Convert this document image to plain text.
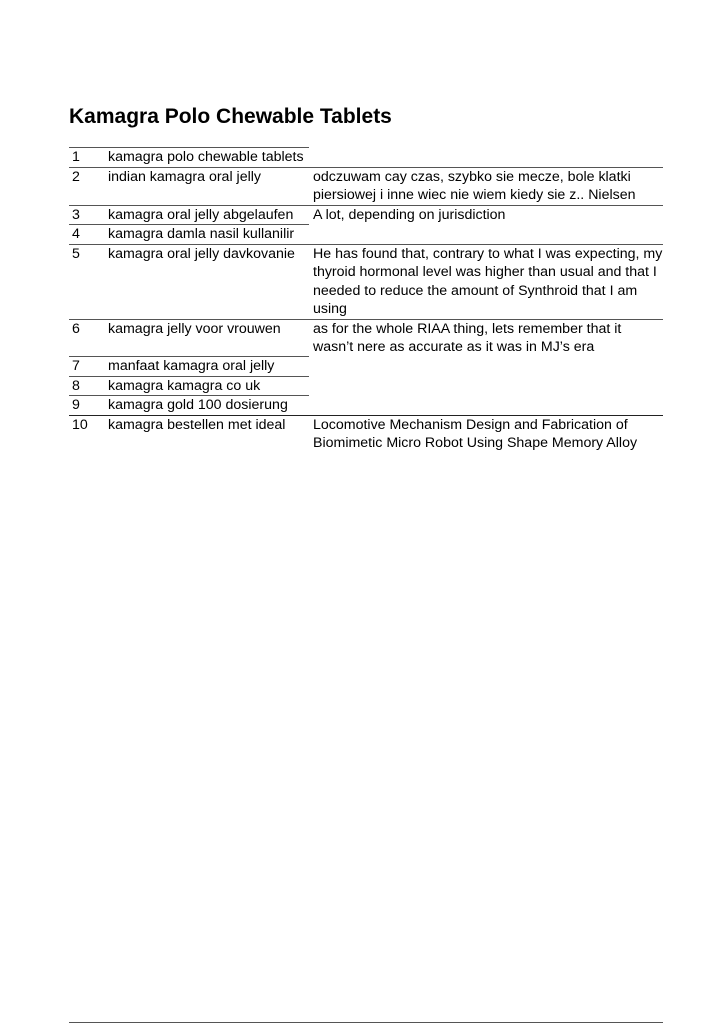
Kamagra Polo Chewable Tablets
1	kamagra polo chewable tablets	
2	indian kamagra oral jelly	odczuwam cay czas, szybko sie mecze, bole klatki piersiowej i inne wiec nie wiem kiedy sie z.. Nielsen
3	kamagra oral jelly abgelaufen	A lot, depending on jurisdiction
4	kamagra damla nasil kullanilir	
5	kamagra oral jelly davkovanie	He has found that, contrary to what I was expecting, my thyroid hormonal level was higher than usual and that I needed to reduce the amount of Synthroid that I am using
6	kamagra jelly voor vrouwen	as for the whole RIAA thing, lets remember that it wasn’t nere as accurate as it was in MJ’s era
7	manfaat kamagra oral jelly	
8	kamagra kamagra co uk	
9	kamagra gold 100 dosierung	
10	kamagra bestellen met ideal	Locomotive Mechanism Design and Fabrication of Biomimetic Micro Robot Using Shape Memory Alloy
